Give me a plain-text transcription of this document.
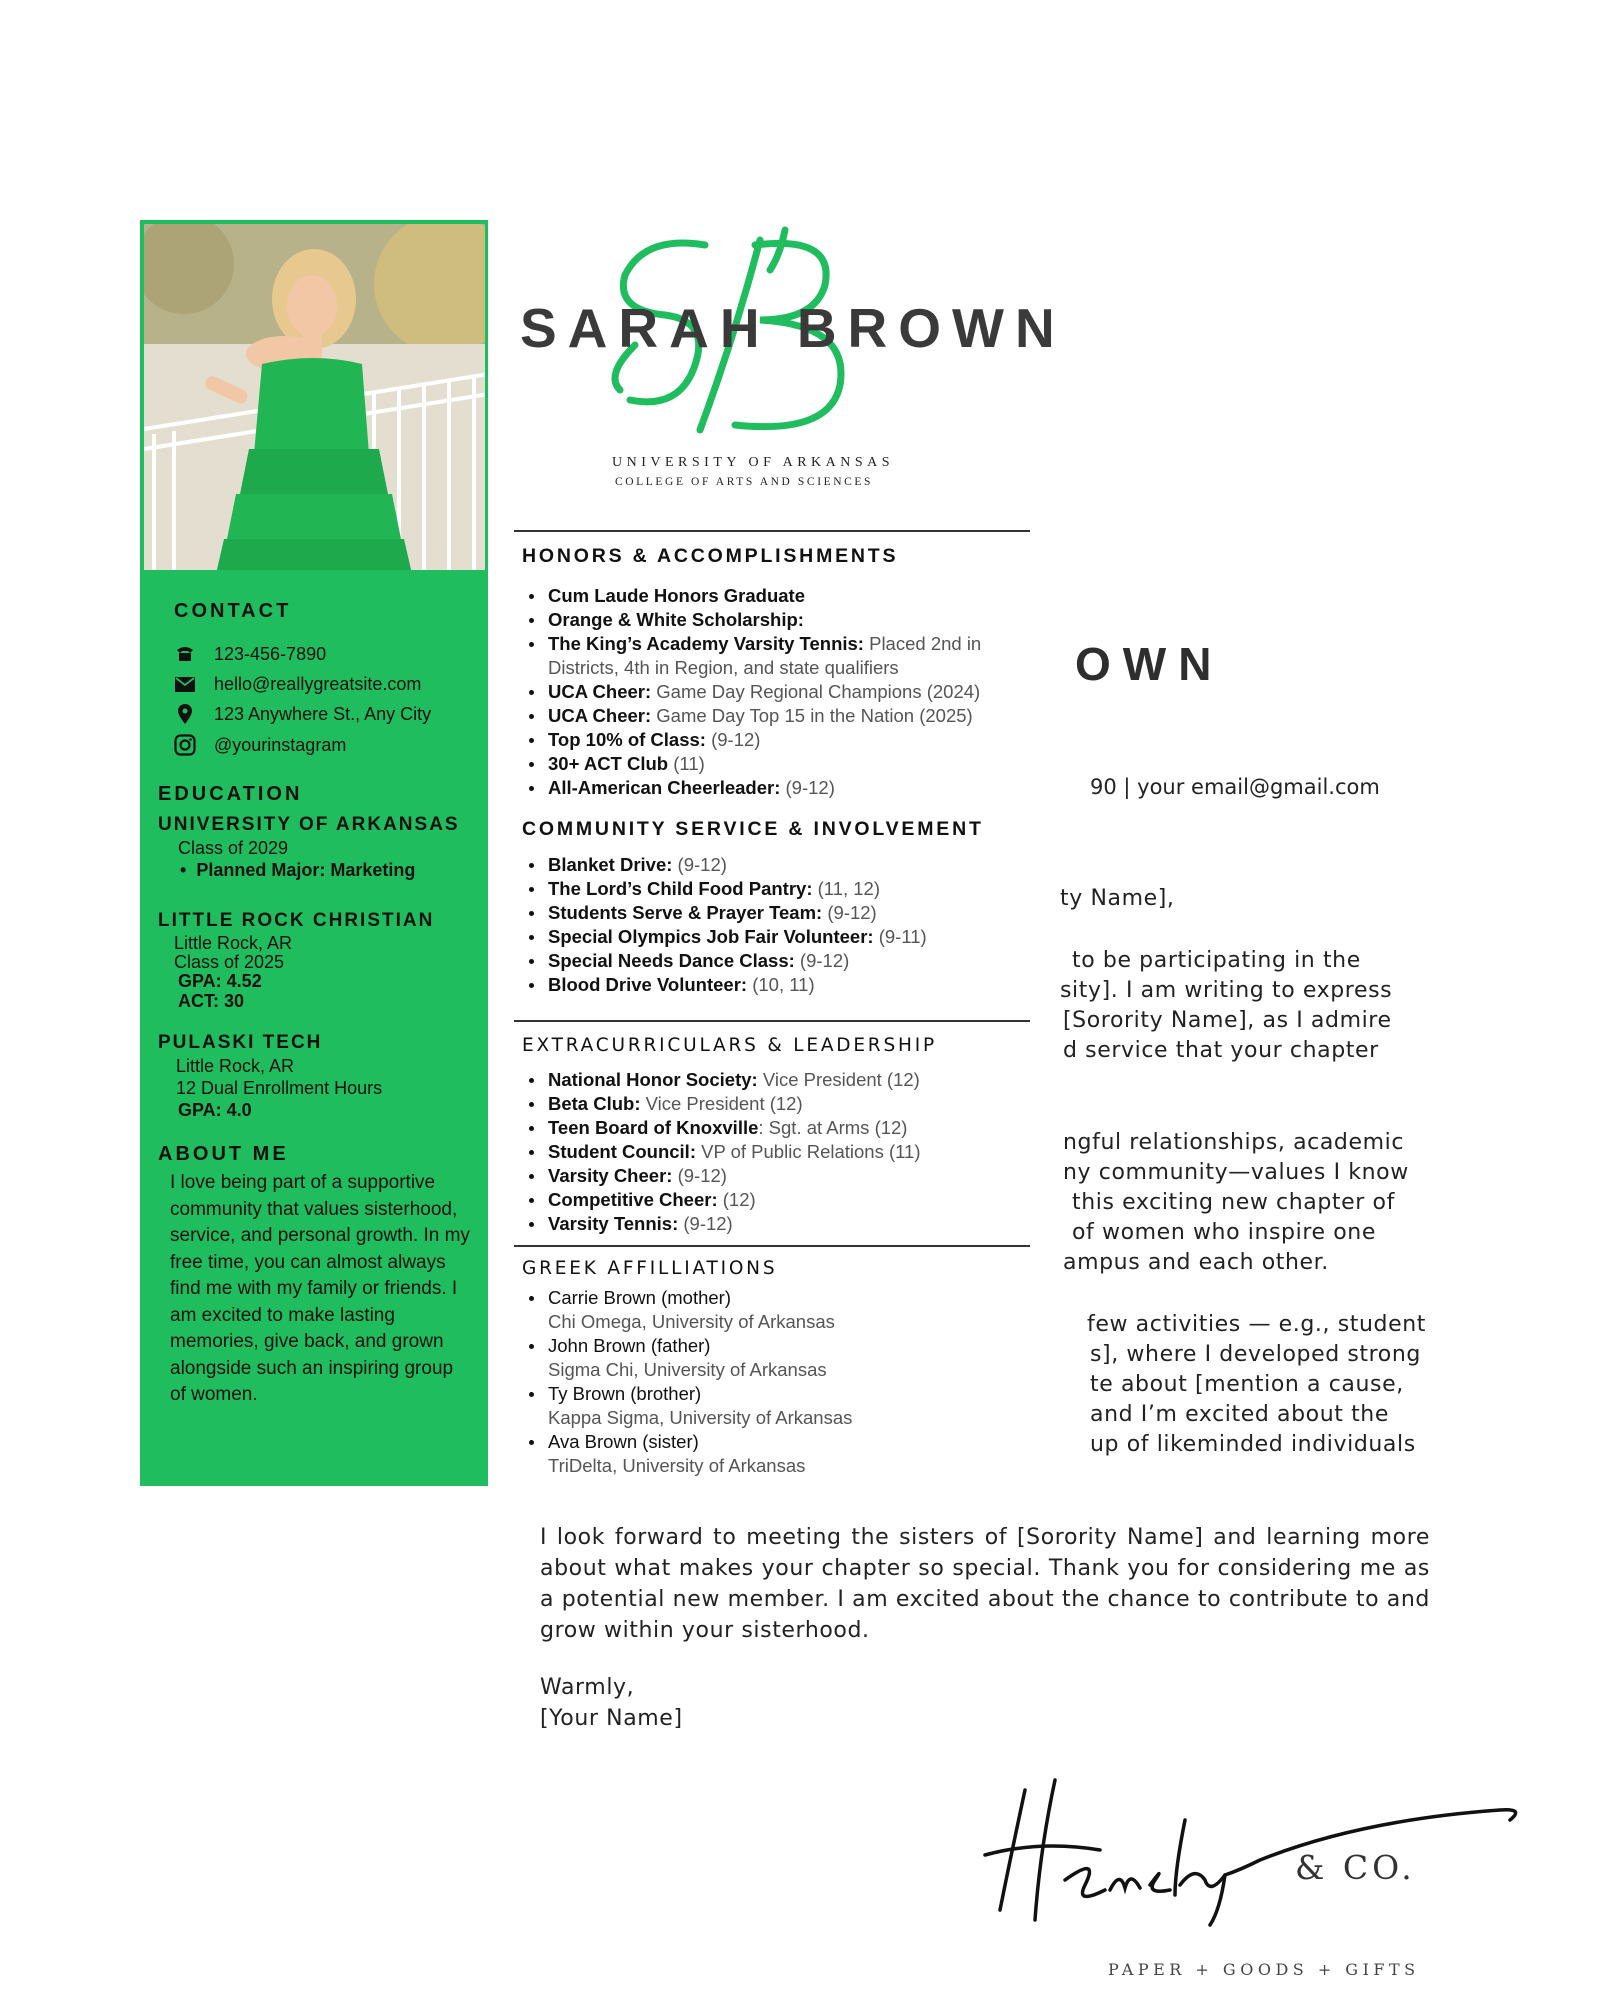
OWN
90 | your email@gmail.com
ty Name],
to be participating in the
sity]. I am writing to express
[Sorority Name], as I admire
d service that your chapter
ngful relationships, academic
ny community—values I know
this exciting new chapter of
of women who inspire one
ampus and each other.
few activities — e.g., student
s], where I developed strong
te about [mention a cause,
and I’m excited about the
up of likeminded individuals
I look forward to meeting the sisters of [Sorority Name] and learning more about what makes your chapter so special. Thank you for considering me as a potential new member. I am excited about the chance to contribute to and grow within your sisterhood.
Warmly,
[Your Name]
CONTACT
123-456-7890
hello@reallygreatsite.com
123 Anywhere St., Any City
@yourinstagram
EDUCATION
UNIVERSITY OF ARKANSAS
Class of 2029
•  Planned Major: Marketing
LITTLE ROCK CHRISTIAN
Little Rock, AR
Class of 2025
GPA: 4.52
ACT: 30
PULASKI TECH
Little Rock, AR
12 Dual Enrollment Hours
GPA: 4.0
ABOUT ME
I love being part of a supportive community that values sisterhood, service, and personal growth. In my free time, you can almost always find me with my family or friends. I am excited to make lasting memories, give back, and grown alongside such an inspiring group of women.
SARAH BROWN
UNIVERSITY OF ARKANSAS
COLLEGE OF ARTS AND SCIENCES
HONORS & ACCOMPLISHMENTS
Cum Laude Honors Graduate
Orange & White Scholarship:
The King’s Academy Varsity Tennis: Placed 2nd in Districts, 4th in Region, and state qualifiers
UCA Cheer: Game Day Regional Champions (2024)
UCA Cheer: Game Day Top 15 in the Nation (2025)
Top 10% of Class: (9-12)
30+ ACT Club (11)
All-American Cheerleader: (9-12)
COMMUNITY SERVICE & INVOLVEMENT
Blanket Drive: (9-12)
The Lord’s Child Food Pantry: (11, 12)
Students Serve & Prayer Team: (9-12)
Special Olympics Job Fair Volunteer: (9-11)
Special Needs Dance Class: (9-12)
Blood Drive Volunteer: (10, 11)
EXTRACURRICULARS & LEADERSHIP
National Honor Society: Vice President (12)
Beta Club: Vice President (12)
Teen Board of Knoxville: Sgt. at Arms (12)
Student Council: VP of Public Relations (11)
Varsity Cheer: (9-12)
Competitive Cheer: (12)
Varsity Tennis: (9-12)
GREEK AFFILLIATIONS
Carrie Brown (mother)
Chi Omega, University of Arkansas
John Brown (father)
Sigma Chi, University of Arkansas
Ty Brown (brother)
Kappa Sigma, University of Arkansas
Ava Brown (sister)
TriDelta, University of Arkansas
& CO.
PAPER + GOODS + GIFTS
